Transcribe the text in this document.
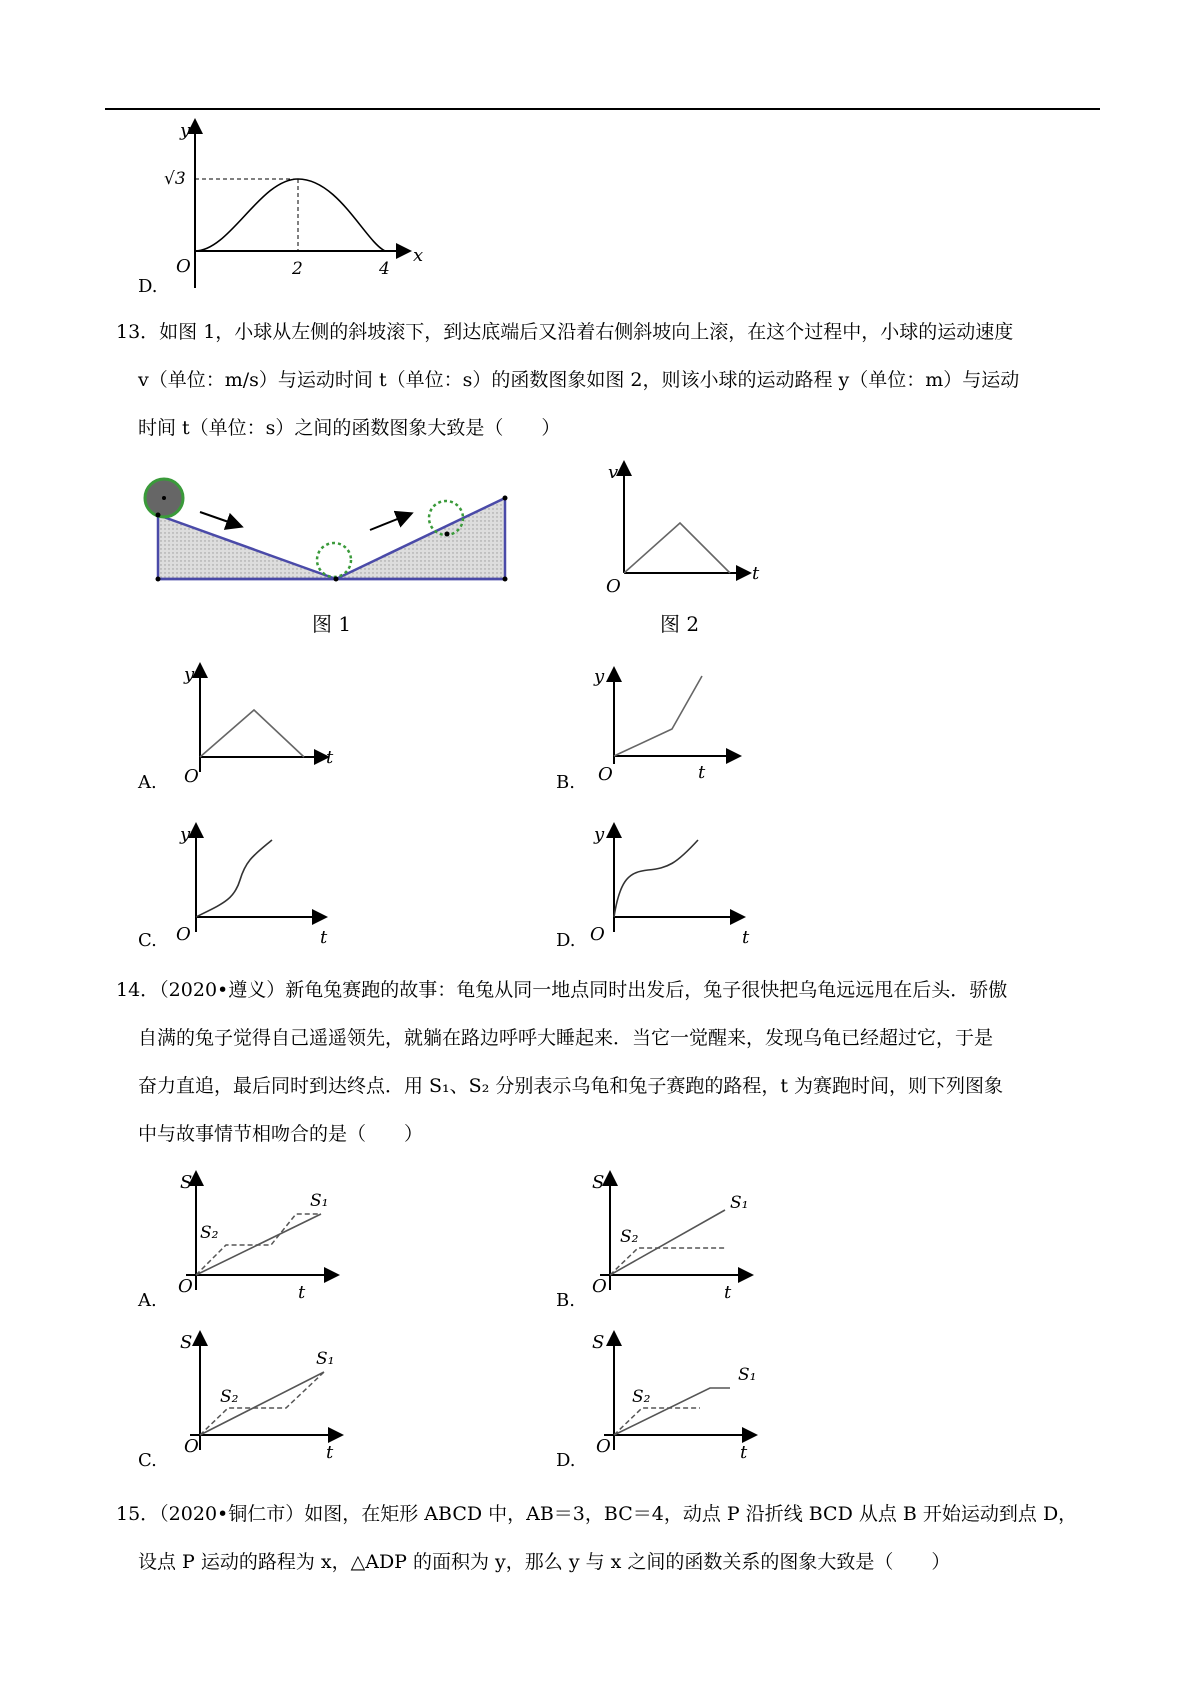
D.
y
√3
O	2	4
x
13．如图 1，小球从左侧的斜坡滚下，到达底端后又沿着右侧斜坡向上滚，在这个过程中，小球的运动速度
v（单位：m/s）与运动时间 t（单位：s）的函数图象如图 2，则该小球的运动路程 y（单位：m）与运动
时间 t（单位：s）之间的函数图象大致是（　　）
图 1
v
O
t
图 2
A.
y
O
t
B.
y
O	t
C.
y
O	t	D.
y
O	t
14．（2020•遵义）新龟兔赛跑的故事：龟兔从同一地点同时出发后，兔子很快把乌龟远远甩在后头．骄傲
自满的兔子觉得自己遥遥领先，就躺在路边呼呼大睡起来．当它一觉醒来，发现乌龟已经超过它，于是
奋力直追，最后同时到达终点．用 S₁、S₂ 分别表示乌龟和兔子赛跑的路程，t 为赛跑时间，则下列图象
中与故事情节相吻合的是（　　）
A.
S
O	t
S₁
S₂
B.
S
O	t
S₁
S₂
C.
S
O	t
S₁
S₂
D.
S
O	t
S₁
S₂
15．（2020•铜仁市）如图，在矩形 ABCD 中，AB＝3，BC＝4，动点 P 沿折线 BCD 从点 B 开始运动到点 D，
设点 P 运动的路程为 x，△ADP 的面积为 y，那么 y 与 x 之间的函数关系的图象大致是（　　）
